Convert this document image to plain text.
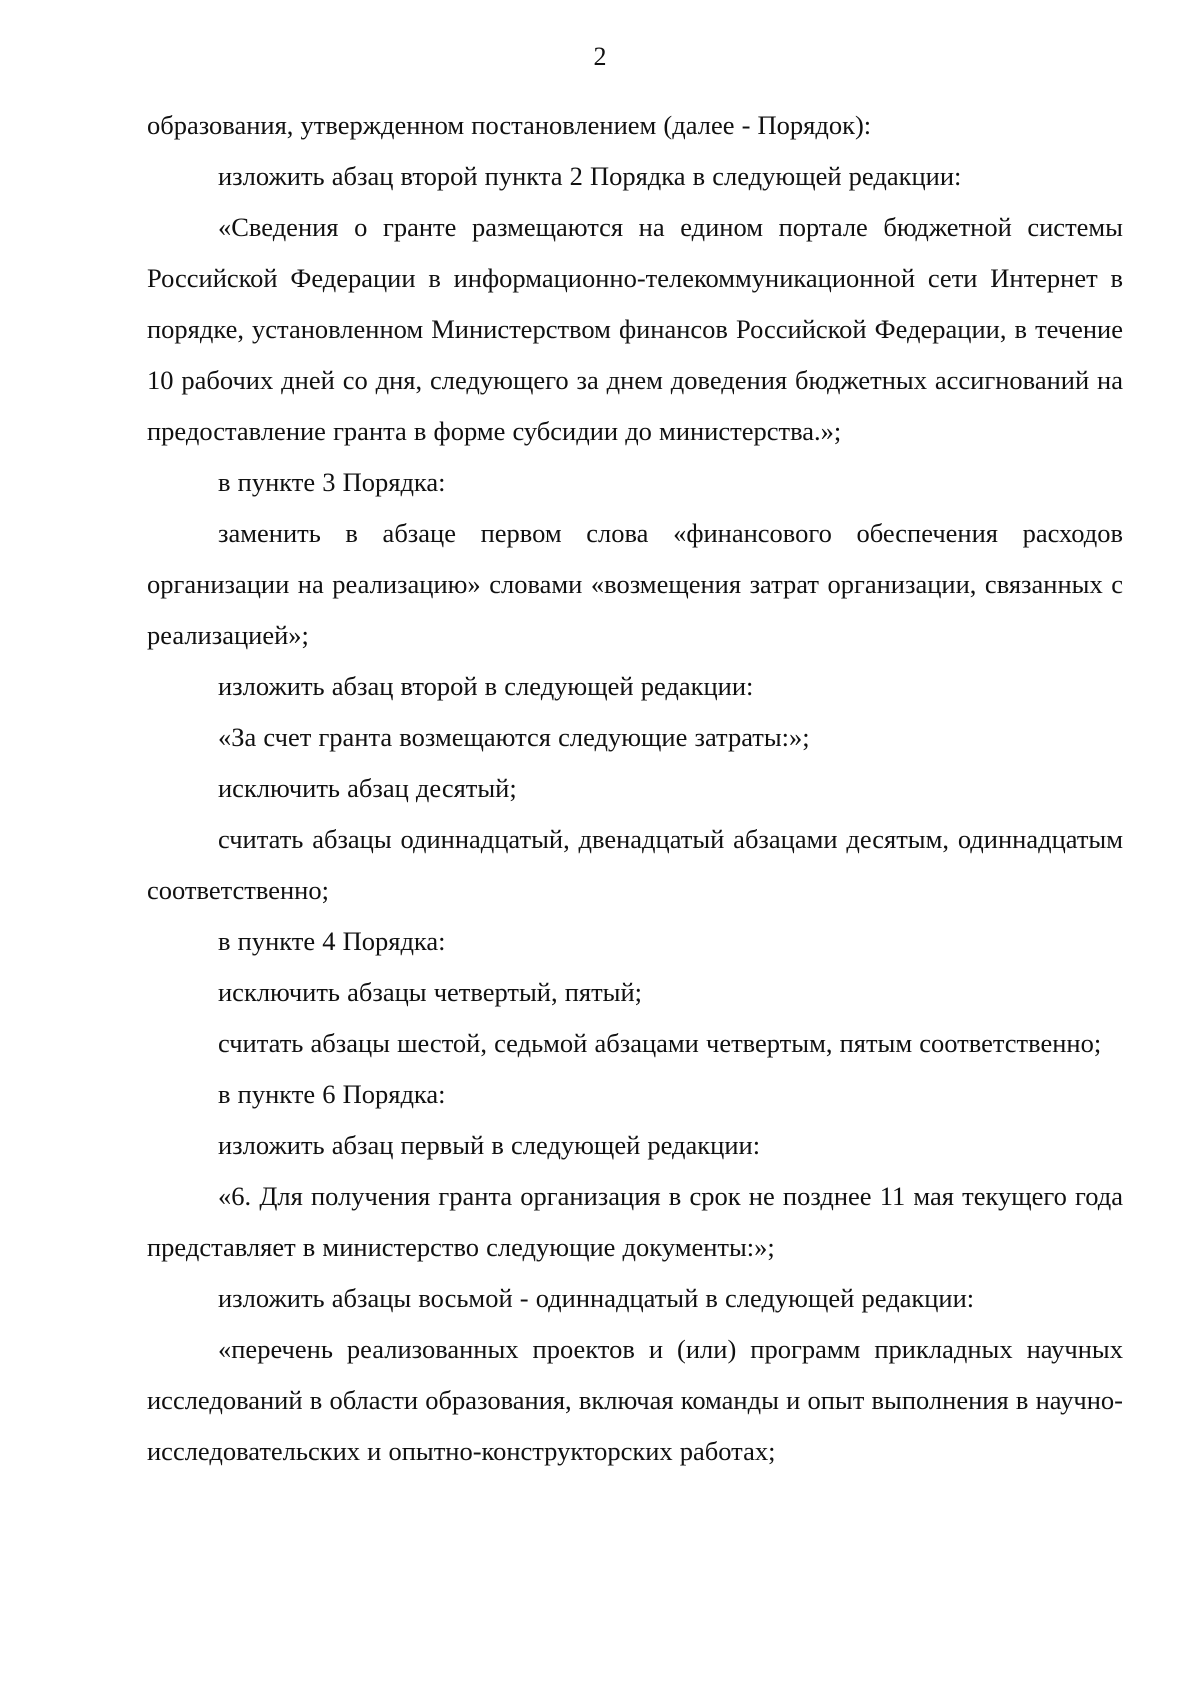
2

образования, утвержденном постановлением (далее - Порядок):

изложить абзац второй пункта 2 Порядка в следующей редакции:

«Сведения о гранте размещаются на едином портале бюджетной системы Российской Федерации в информационно-телекоммуникационной сети Интернет в порядке, установленном Министерством финансов Российской Федерации, в течение 10 рабочих дней со дня, следующего за днем доведения бюджетных ассигнований на предоставление гранта в форме субсидии до министерства.»;

в пункте 3 Порядка:

заменить в абзаце первом слова «финансового обеспечения расходов организации на реализацию» словами «возмещения затрат организации, связанных с реализацией»;

изложить абзац второй в следующей редакции:

«За счет гранта возмещаются следующие затраты:»;

исключить абзац десятый;

считать абзацы одиннадцатый, двенадцатый абзацами десятым, одиннадцатым соответственно;

в пункте 4 Порядка:

исключить абзацы четвертый, пятый;

считать абзацы шестой, седьмой абзацами четвертым, пятым соответственно;

в пункте 6 Порядка:

изложить абзац первый в следующей редакции:

«6. Для получения гранта организация в срок не позднее 11 мая текущего года представляет в министерство следующие документы:»;

изложить абзацы восьмой - одиннадцатый в следующей редакции:

«перечень реализованных проектов и (или) программ прикладных научных исследований в области образования, включая команды и опыт выполнения в научно-исследовательских и опытно-конструкторских работах;
